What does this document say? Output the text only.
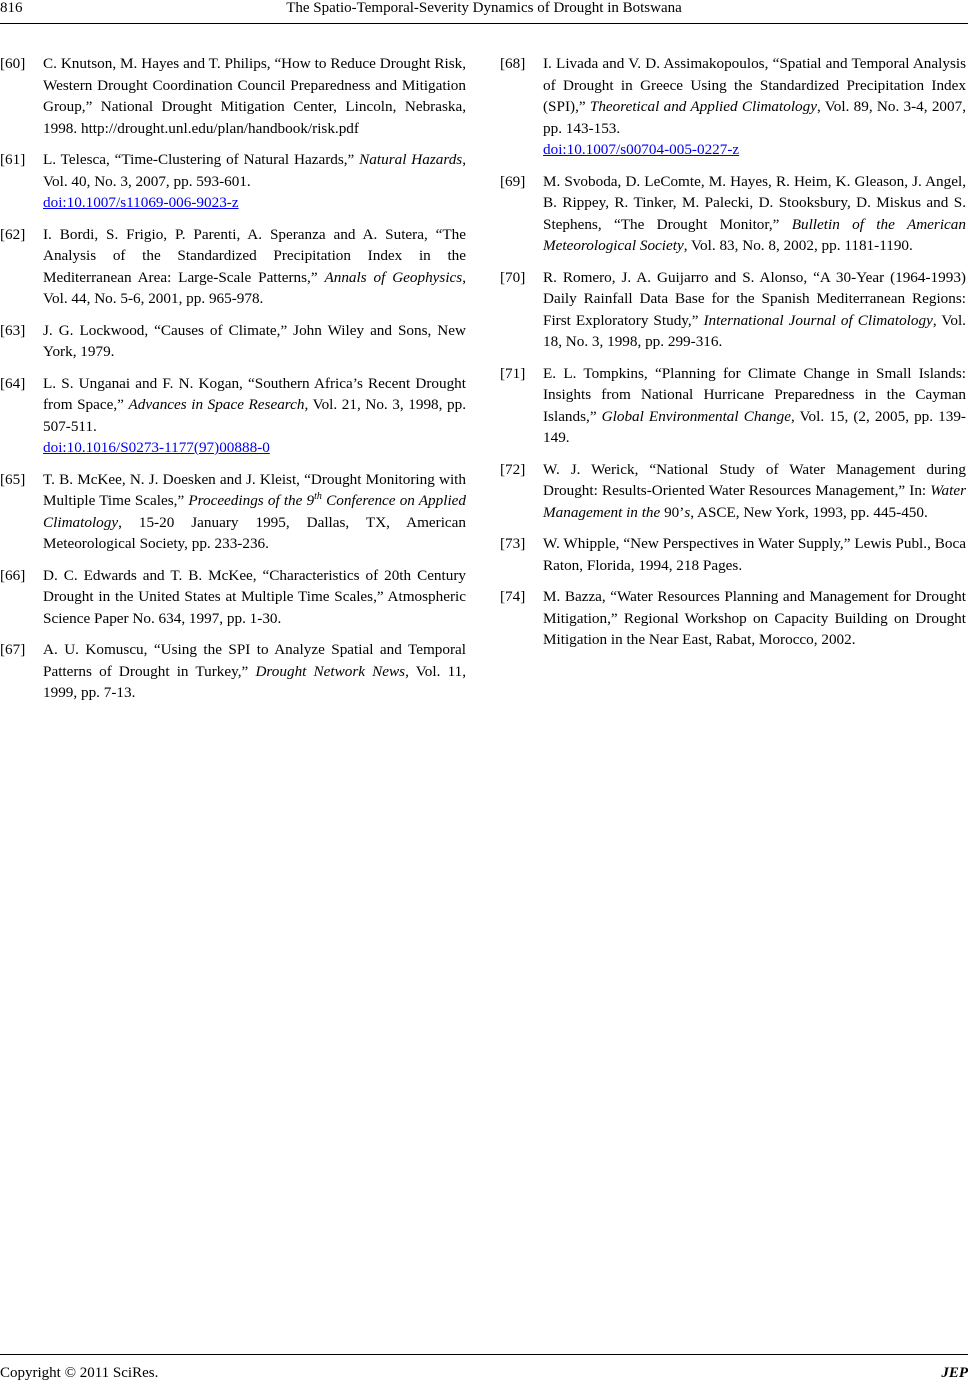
816	The Spatio-Temporal-Severity Dynamics of Drought in Botswana
[60] C. Knutson, M. Hayes and T. Philips, “How to Reduce Drought Risk, Western Drought Coordination Council Preparedness and Mitigation Group,” National Drought Mitigation Center, Lincoln, Nebraska, 1998. http://drought.unl.edu/plan/handbook/risk.pdf
[61] L. Telesca, “Time-Clustering of Natural Hazards,” Natural Hazards, Vol. 40, No. 3, 2007, pp. 593-601.
doi:10.1007/s11069-006-9023-z
[62] I. Bordi, S. Frigio, P. Parenti, A. Speranza and A. Sutera, “The Analysis of the Standardized Precipitation Index in the Mediterranean Area: Large-Scale Patterns,” Annals of Geophysics, Vol. 44, No. 5-6, 2001, pp. 965-978.
[63] J. G. Lockwood, “Causes of Climate,” John Wiley and Sons, New York, 1979.
[64] L. S. Unganai and F. N. Kogan, “Southern Africa’s Recent Drought from Space,” Advances in Space Research, Vol. 21, No. 3, 1998, pp. 507-511.
doi:10.1016/S0273-1177(97)00888-0
[65] T. B. McKee, N. J. Doesken and J. Kleist, “Drought Monitoring with Multiple Time Scales,” Proceedings of the 9th Conference on Applied Climatology, 15-20 January 1995, Dallas, TX, American Meteorological Society, pp. 233-236.
[66] D. C. Edwards and T. B. McKee, “Characteristics of 20th Century Drought in the United States at Multiple Time Scales,” Atmospheric Science Paper No. 634, 1997, pp. 1-30.
[67] A. U. Komuscu, “Using the SPI to Analyze Spatial and Temporal Patterns of Drought in Turkey,” Drought Network News, Vol. 11, 1999, pp. 7-13.
[68] I. Livada and V. D. Assimakopoulos, “Spatial and Temporal Analysis of Drought in Greece Using the Standardized Precipitation Index (SPI),” Theoretical and Applied Climatology, Vol. 89, No. 3-4, 2007, pp. 143-153.
doi:10.1007/s00704-005-0227-z
[69] M. Svoboda, D. LeComte, M. Hayes, R. Heim, K. Gleason, J. Angel, B. Rippey, R. Tinker, M. Palecki, D. Stooksbury, D. Miskus and S. Stephens, “The Drought Monitor,” Bulletin of the American Meteorological Society, Vol. 83, No. 8, 2002, pp. 1181-1190.
[70] R. Romero, J. A. Guijarro and S. Alonso, “A 30-Year (1964-1993) Daily Rainfall Data Base for the Spanish Mediterranean Regions: First Exploratory Study,” International Journal of Climatology, Vol. 18, No. 3, 1998, pp. 299-316.
[71] E. L. Tompkins, “Planning for Climate Change in Small Islands: Insights from National Hurricane Preparedness in the Cayman Islands,” Global Environmental Change, Vol. 15, (2, 2005, pp. 139-149.
[72] W. J. Werick, “National Study of Water Management during Drought: Results-Oriented Water Resources Management,” In: Water Management in the 90’s, ASCE, New York, 1993, pp. 445-450.
[73] W. Whipple, “New Perspectives in Water Supply,” Lewis Publ., Boca Raton, Florida, 1994, 218 Pages.
[74] M. Bazza, “Water Resources Planning and Management for Drought Mitigation,” Regional Workshop on Capacity Building on Drought Mitigation in the Near East, Rabat, Morocco, 2002.
Copyright © 2011 SciRes.	JEP
